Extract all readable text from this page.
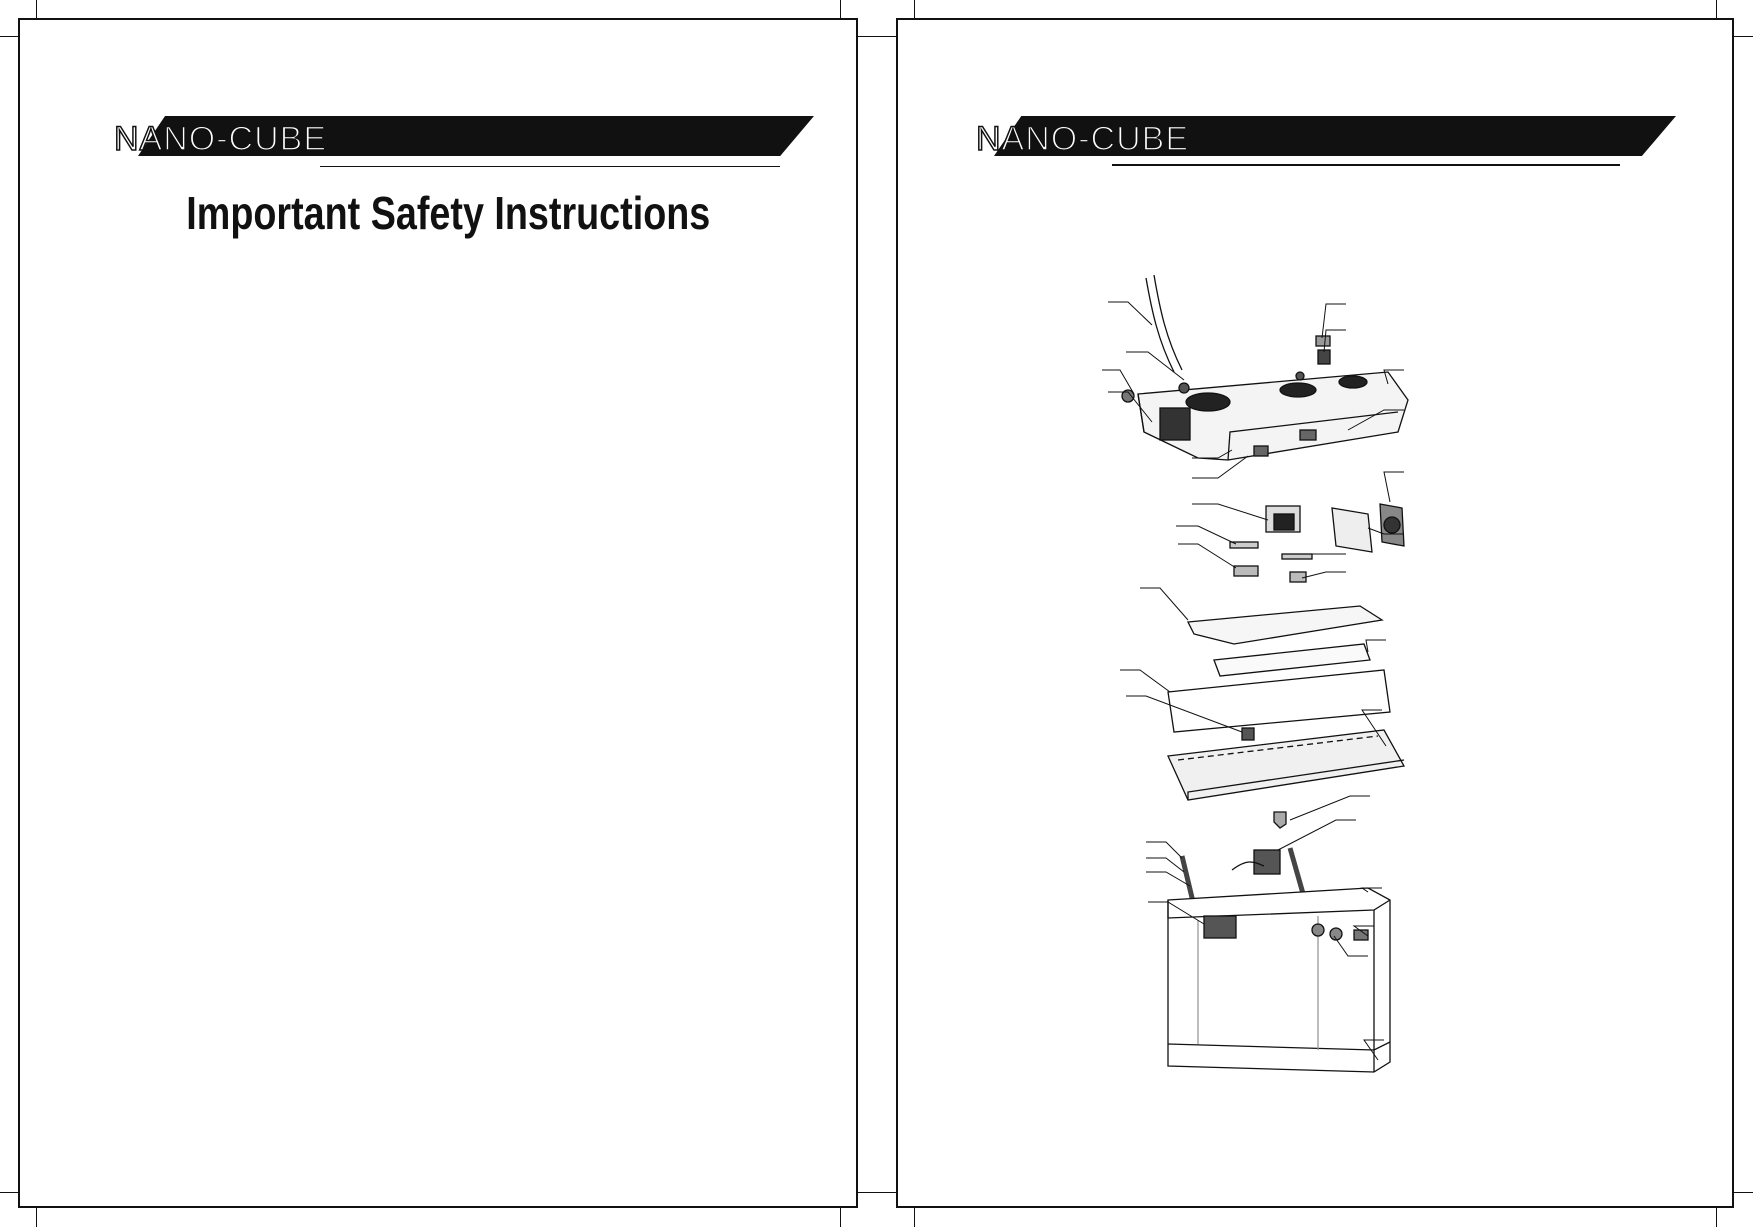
NANO-CUBE
Important Safety Instructions
NANO-CUBE	Parts
